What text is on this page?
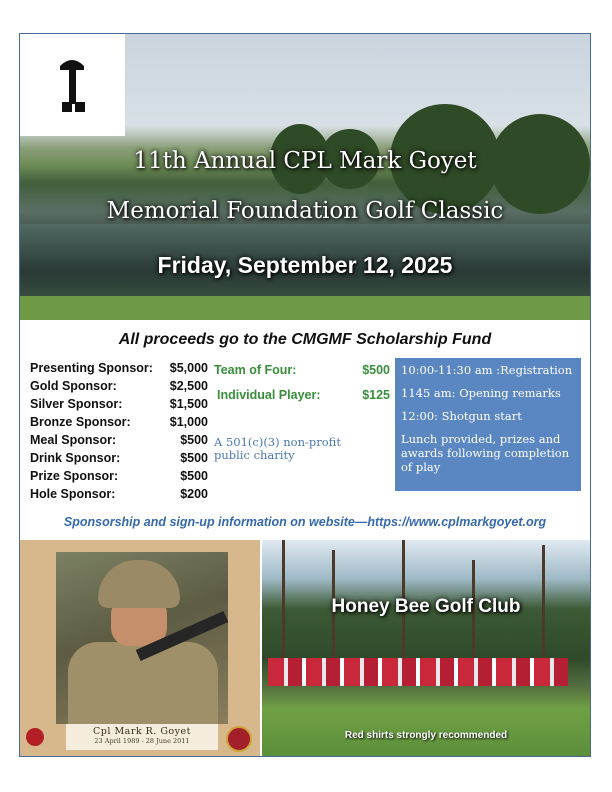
11th Annual CPL Mark Goyet
Memorial Foundation Golf Classic
Friday, September 12, 2025
All proceeds go to the CMGMF Scholarship Fund
Presenting Sponsor: $5,000
Gold Sponsor:	$2,500
Silver Sponsor:	$1,500
Bronze Sponsor:	$1,000
Meal Sponsor:	$500
Drink Sponsor:	$500
Prize Sponsor:	$500
Hole Sponsor:	$200
Team of Four:	$500
Individual Player:	$125
A 501(c)(3) non-profit public charity
10:00-11:30 am :Registration
1145 am: Opening remarks
12:00: Shotgun start
Lunch provided, prizes and awards following completion of play
Sponsorship and sign-up information on website—https://www.cplmarkgoyet.org
Cpl Mark R. Goyet
23 April 1989 - 28 June 2011
Honey Bee Golf Club
Red shirts strongly recommended
